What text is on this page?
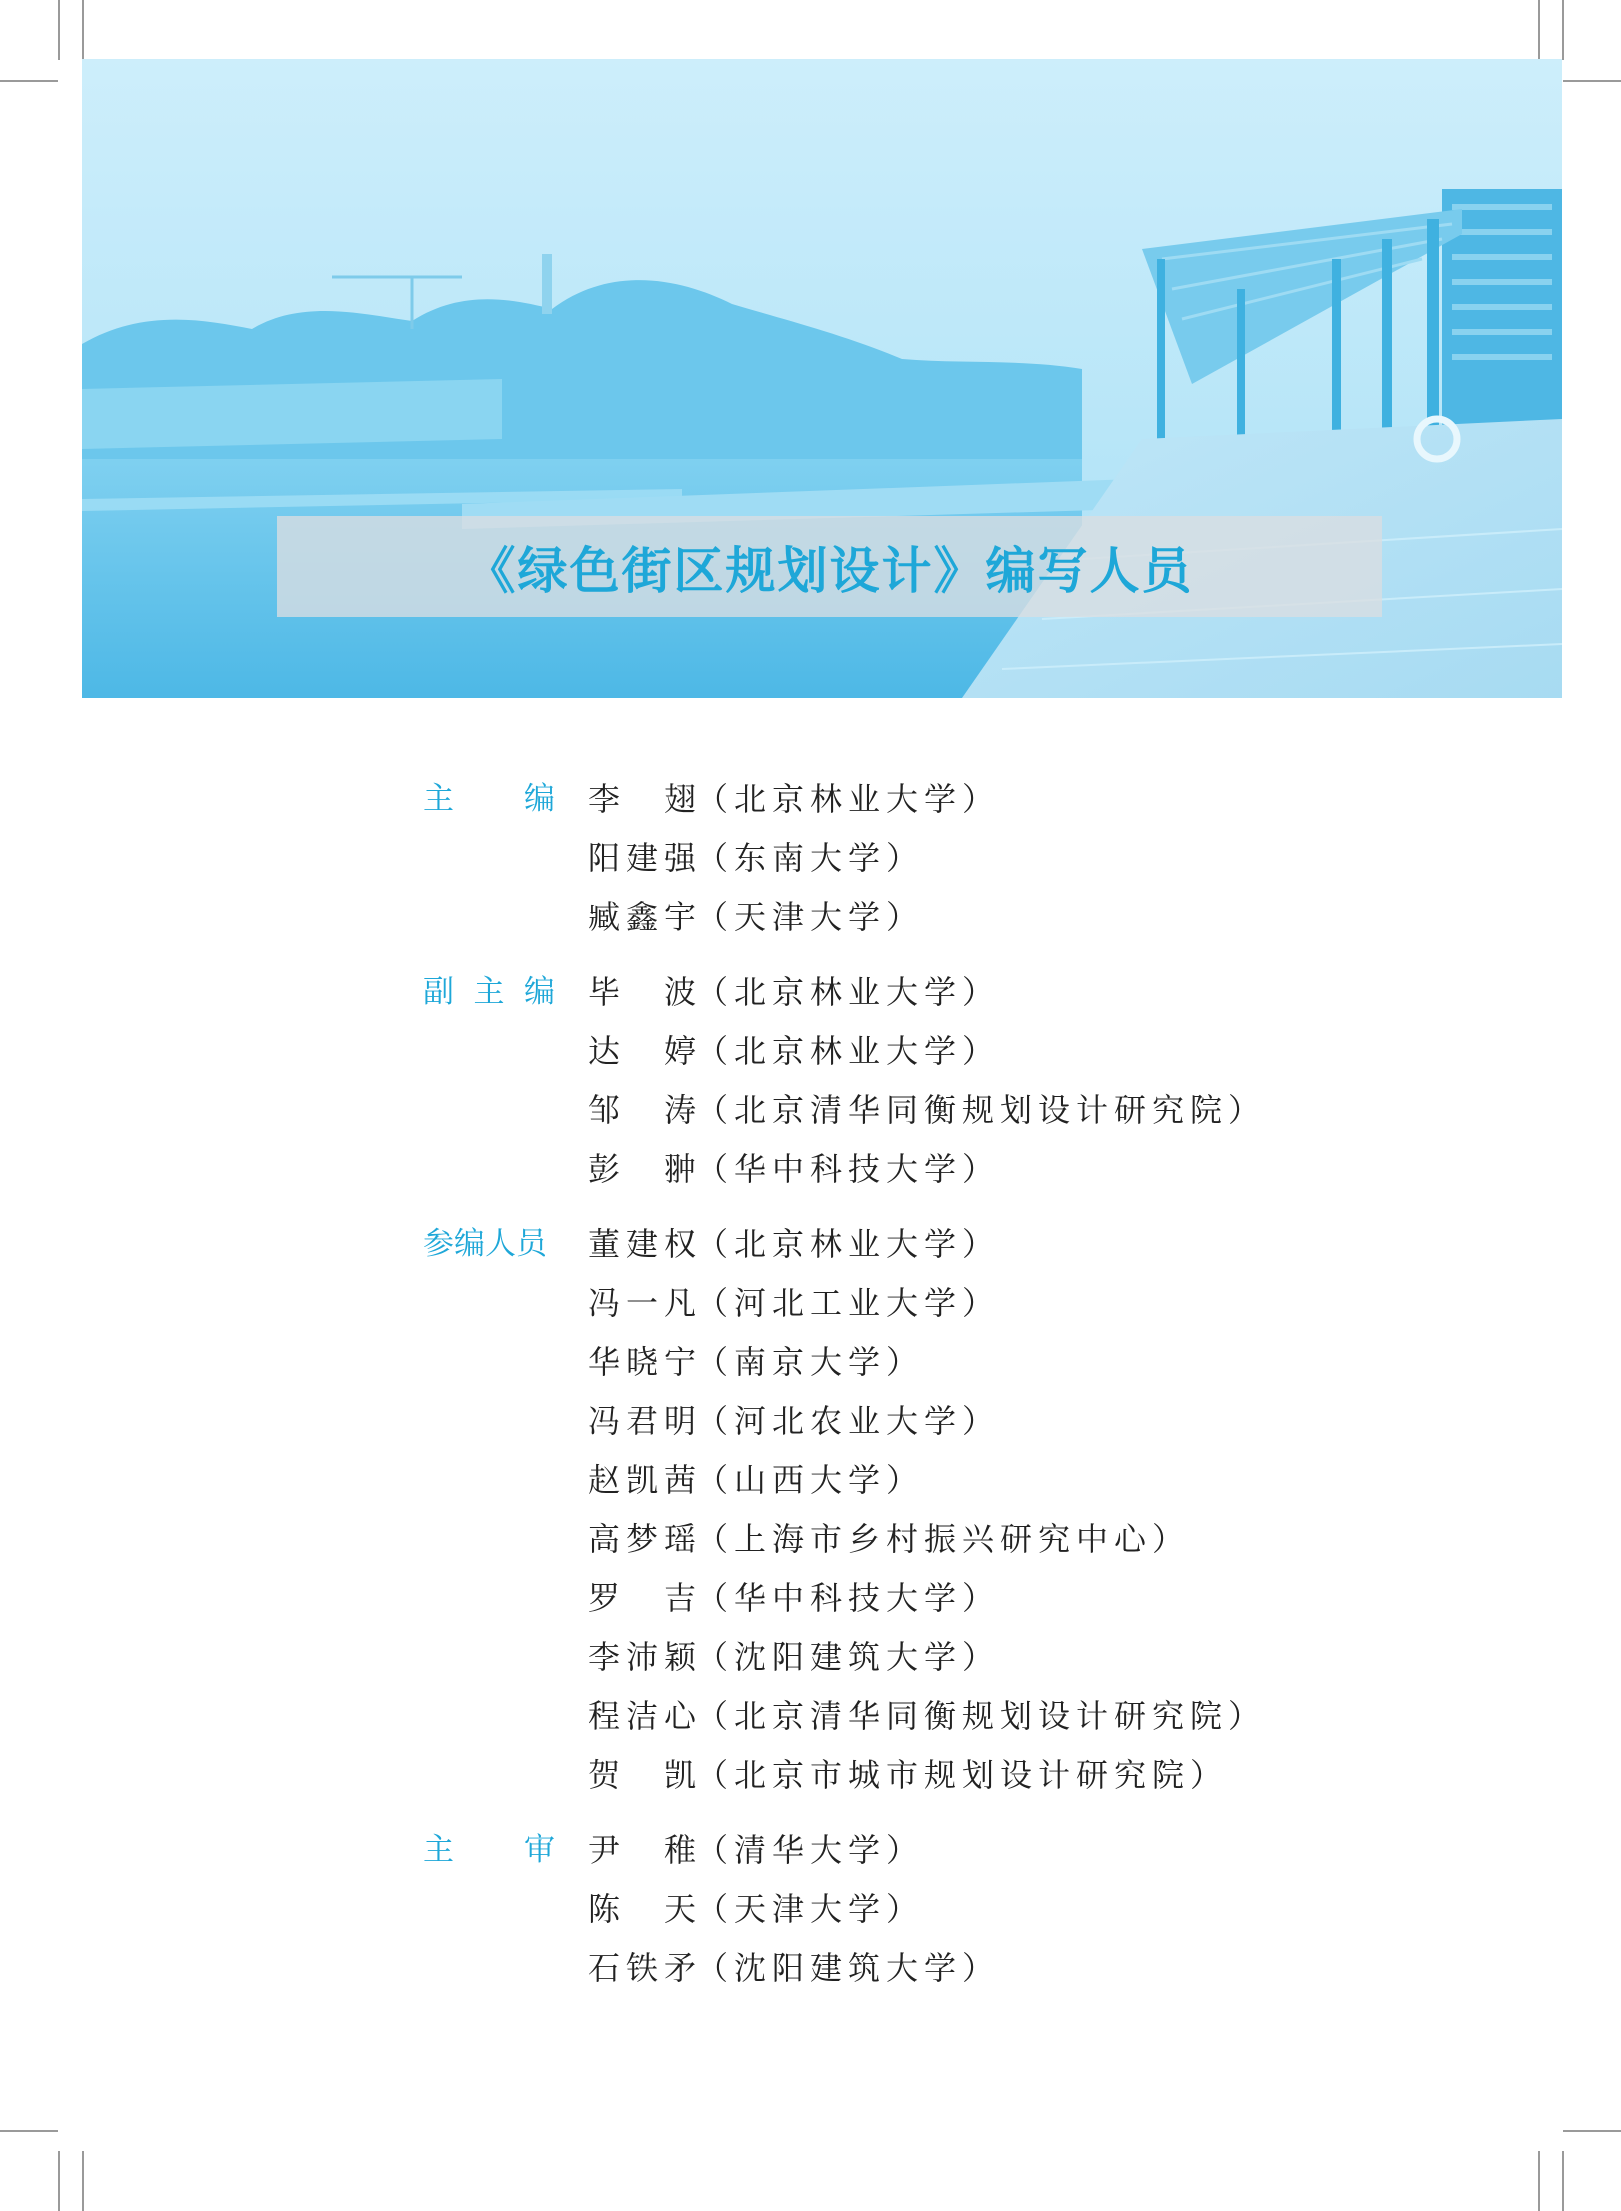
《绿色街区规划设计》编写人员
主 编 李翅（北京林业大学）
阳建强（东南大学）
臧鑫宇（天津大学）
副 主 编 毕波（北京林业大学）
达婷（北京林业大学）
邹涛（北京清华同衡规划设计研究院）
彭翀（华中科技大学）
参编人员 董建权（北京林业大学）
冯一凡（河北工业大学）
华晓宁（南京大学）
冯君明（河北农业大学）
赵凯茜（山西大学）
高梦瑶（上海市乡村振兴研究中心）
罗吉（华中科技大学）
李沛颖（沈阳建筑大学）
程洁心（北京清华同衡规划设计研究院）
贺凯（北京市城市规划设计研究院）
主 审 尹稚（清华大学）
陈天（天津大学）
石铁矛（沈阳建筑大学）
